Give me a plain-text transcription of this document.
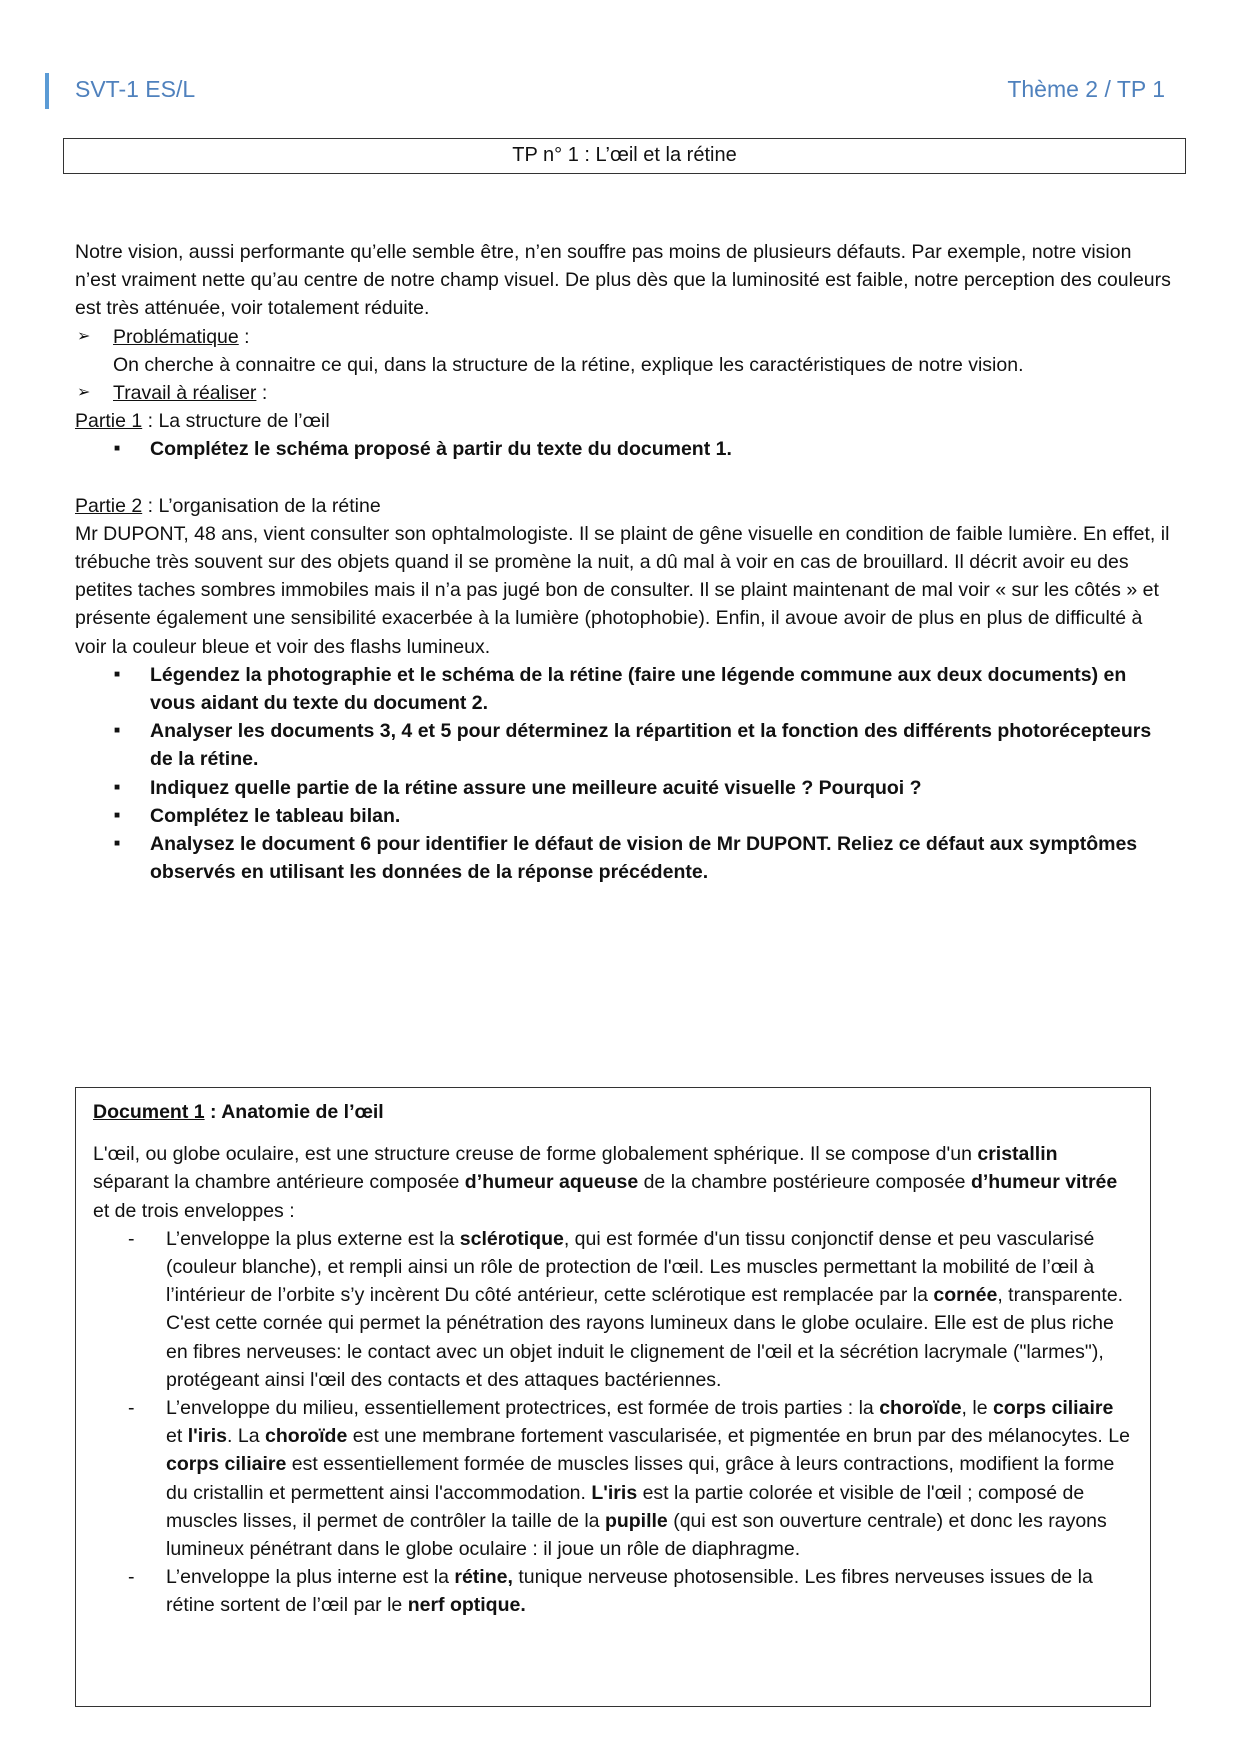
SVT-1 ES/L	Thème 2 / TP 1
TP n° 1 : L’œil et la rétine

Notre vision, aussi performante qu’elle semble être, n’en souffre pas moins de plusieurs défauts. Par exemple, notre vision n’est vraiment nette qu’au centre de notre champ visuel. De plus dès que la luminosité est faible, notre perception des couleurs est très atténuée, voir totalement réduite.

➢ Problématique :

On cherche à connaitre ce qui, dans la structure de la rétine, explique les caractéristiques de notre vision.

➢ Travail à réaliser :

Partie 1 : La structure de l’œil

■ Complétez le schéma proposé à partir du texte du document 1.

Partie 2 : L’organisation de la rétine

Mr DUPONT, 48 ans, vient consulter son ophtalmologiste. Il se plaint de gêne visuelle en condition de faible lumière. En effet, il trébuche très souvent sur des objets quand il se promène la nuit, a dû mal à voir en cas de brouillard. Il décrit avoir eu des petites taches sombres immobiles mais il n’a pas jugé bon de consulter. Il se plaint maintenant de mal voir « sur les côtés » et présente également une sensibilité exacerbée à la lumière (photophobie). Enfin, il avoue avoir de plus en plus de difficulté à voir la couleur bleue et voir des flashs lumineux.

■ Légendez la photographie et le schéma de la rétine (faire une légende commune aux deux documents) en vous aidant du texte du document 2.
■ Analyser les documents 3, 4 et 5 pour déterminez la répartition et la fonction des différents photorécepteurs de la rétine.
■ Indiquez quelle partie de la rétine assure une meilleure acuité visuelle ? Pourquoi ?
■ Complétez le tableau bilan.
■ Analysez le document 6 pour identifier le défaut de vision de Mr DUPONT. Reliez ce défaut aux symptômes observés en utilisant les données de la réponse précédente.

Document 1 : Anatomie de l’œil

L'œil, ou globe oculaire, est une structure creuse de forme globalement sphérique. Il se compose d'un cristallin séparant la chambre antérieure composée d’humeur aqueuse de la chambre postérieure composée d’humeur vitrée et de trois enveloppes :

- L’enveloppe la plus externe est la sclérotique, qui est formée d'un tissu conjonctif dense et peu vascularisé (couleur blanche), et rempli ainsi un rôle de protection de l'œil. Les muscles permettant la mobilité de l’œil à l’intérieur de l’orbite s’y incèrent Du côté antérieur, cette sclérotique est remplacée par la cornée, transparente. C'est cette cornée qui permet la pénétration des rayons lumineux dans le globe oculaire. Elle est de plus riche en fibres nerveuses: le contact avec un objet induit le clignement de l'œil et la sécrétion lacrymale ("larmes"), protégeant ainsi l'œil des contacts et des attaques bactériennes.
- L’enveloppe du milieu, essentiellement protectrices, est formée de trois parties : la choroïde, le corps ciliaire et l'iris. La choroïde est une membrane fortement vascularisée, et pigmentée en brun par des mélanocytes. Le corps ciliaire est essentiellement formée de muscles lisses qui, grâce à leurs contractions, modifient la forme du cristallin et permettent ainsi l'accommodation. L'iris est la partie colorée et visible de l'œil ; composé de muscles lisses, il permet de contrôler la taille de la pupille (qui est son ouverture centrale) et donc les rayons lumineux pénétrant dans le globe oculaire : il joue un rôle de diaphragme.
- L’enveloppe la plus interne est la rétine, tunique nerveuse photosensible. Les fibres nerveuses issues de la rétine sortent de l’œil par le nerf optique.
